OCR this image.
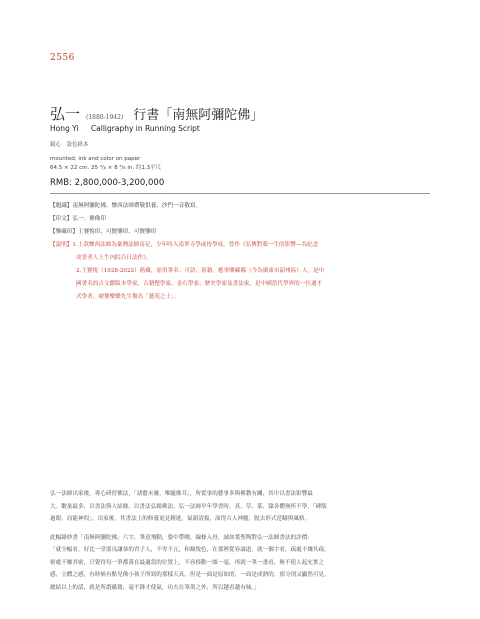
2556
弘一 (1880-1942) 行書「南無阿彌陀佛」
Hong Yi Calligraphy in Running Script
鏡心　設色紙本
mounted; ink and color on paper
64.5 × 22 cm. 25 ³/₈ × 8 ⁵/₈ in. 約1.3平尺
RMB: 2,800,000-3,200,000
【題識】南無阿彌陀佛。懷西法師禮敬供養，沙門一音敬寫。
【印文】弘一、佛像印
【鑒藏印】王賽悅印、可賢鑒印、可賢鑒印
【說明】1.上款懷西法師為臺灣法師南足，少年時入南華寺學或皆學戒，曾作《弘傳對我一生的影響—為紀念
虔普者人上生內院百日法作》。
2.王賽悅（1928-2022）舊藏，原用筆名：可語，祖籍，應事鑒藏縣（今為廣東市韶州區）人。是中
國著名的古文獻版本學家、古籍整學家、金石學家、歷史學家及書法家，是中國當代學界的一位通才
式學者。被譽樂樂先生譽為「藝苑之士」。
弘一法師出家後，專心研習佛法，「諸藝未廢，唯隨佛耳」，所從事的藝事多與佛教有關，其中以書法影響最
大。數量最多，以書法與人結緣，以書法弘揚佛法，弘一法師早年學書時，真、草、篆、隸各體無所不學，「碑版
過眼，而能神似」，出家後，其書法上的修養更見精進，氣韻清拔，深得古人神髓，脫去形式范疇與風格。
此幅錄妙書「南無阿彌陀佛」六字，筆意飛動，姿中帶剛，線條入骨，誠如葉聖陶對弘一法師書法的評價：
「就全幅看，好比一堂溫良謙恭的君子人，不卑不亢，和顏悅色，在那裡從容論道，就一個字看，疏處不嫌其疏，
密處不嫌其密，只覺得每一筆都落在最適當的位置上，不容移動一絲一毫，再就一筆一畫看，無不使人起充實之
感，立體之感，有時候有點兒像小孩子所寫的那樣天真，但是一面是原始的，一面是成熟的，那分別又顯然可見，
總結以上的話，就是所謂蘊藉，毫不鋒才使氣，功夫在筆墨之外，所以越看越有味。」
